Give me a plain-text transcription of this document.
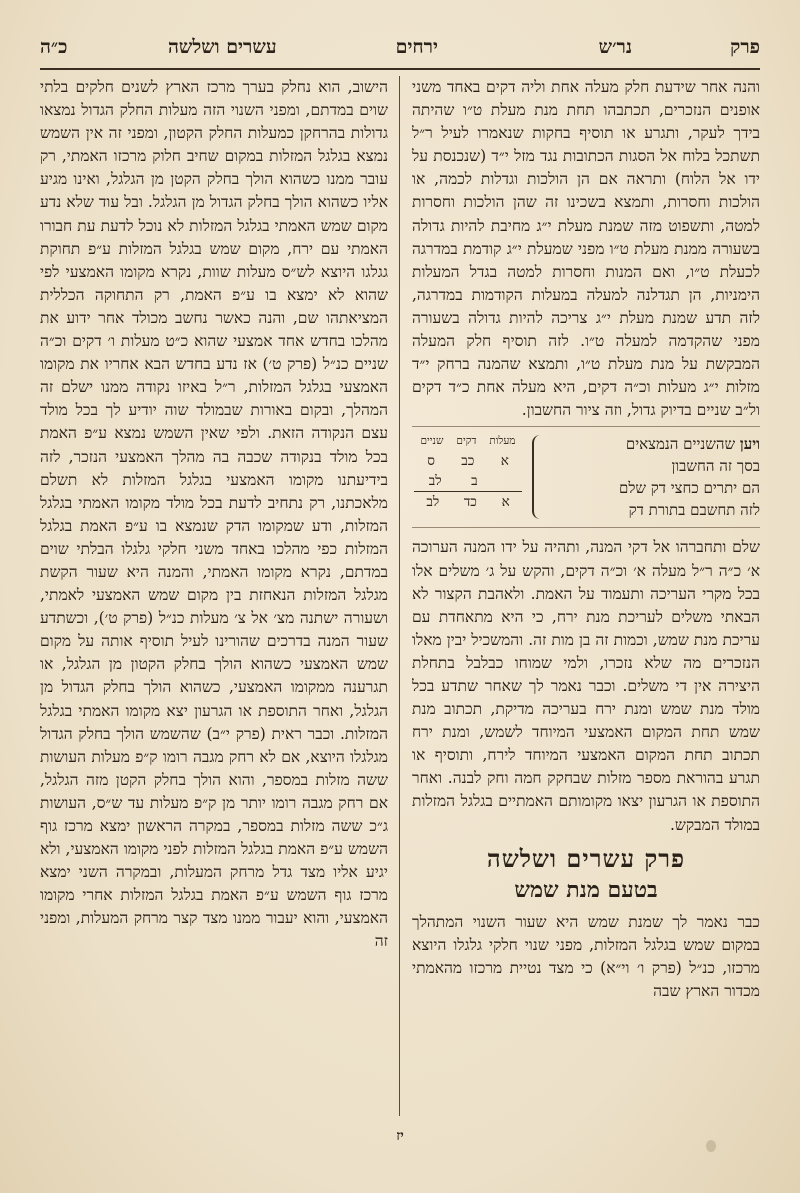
פרק
נר׳ש
ירחים
עשרים ושלשה
כ״ה

והנה אחר שידעת חלק מעלה אחת וליה דקים באחד משני אופנים הנזכרים, תכתבהו תחת מנת מעלת ט״ו שהיתה בידך לעקר, ותגרע או תוסיף בחקות שנאמרו לעיל ר״ל תשתכל בלוח אל הסגות הכתובות נגד מזל י״ד (שנכנסת על ידו אל הלוח) ותראה אם הן הולכות וגדלות לכמה, או הולכות וחסרות, ותמצא בשכינו זה שהן הולכות וחסרות למטה, ותשפוט מזה שמנת מעלת י״ג מחיבת להיות גדולה בשעורה ממנת מעלת ט״ו מפני שמעלת י״ג קודמת במדרגה לכעלת ט״ו, ואם המנות וחסרות למטה בגדל המעלות הימניות, הן תגדלנה למעלה במעלות הקודמות במדרגה, לזה תדע שמנת מעלת י״ג צריכה להיות גדולה בשעורה מפני שהקדמה למעלה ט״ו. לזה תוסיף חלק המעלה המבקשת על מנת מעלת ט״ו, ותמצא שהמנה ברחק י״ד מזלות י״ג מעלות וכ״ה דקים, היא מעלה אחת כ״ד דקים ול״ב שניים בדיוק גדול, וזה ציור החשבון.

ויען שהשניים הנמצאים
בסך זה החשבון
הם יתרים כחצי דק שלם
לזה תחשבם בתורת דק
מעלות
דקים
שניים
א
כב
ס
ב
לב
א
כד
לב

שלם ותחברהו אל דקי המנה, ותהיה על ידו המנה הערוכה א׳ כ״ה ר״ל מעלה א׳ וכ״ה דקים, והקש על ג׳ משלים אלו בכל מקרי העריכה ותעמוד על האמת. ולאהבת הקצור לא הבאתי משלים לעריכת מנת ירח, כי היא מתאחדת עם עריכת מנת שמש, וכמות זה בן מות זה. והמשכיל יבין מאלו הנזכרים מה שלא נזכרו, ולמי שמוחו כבלבל בתחלת היצירה אין די משלים. וכבר נאמר לך שאחר שתדע בכל מולד מנת שמש ומנת ירח בעריכה מדיקת, תכתוב מנת שמש תחת המקום האמצעי המיוחד לשמש, ומנת ירח תכתוב תחת המקום האמצעי המיוחד לירח, ותוסיף או תגרע בהוראת מספר מזלות שבחקק חמה וחק לבנה. ואחר התוספת או הגרעון יצאו מקומותם האמתיים בגלגל המזלות במולד המבקש.

פרק עשרים ושלשה
בטעם מנת שמש

כבר נאמר לך שמנת שמש היא שעור השנוי המתהלך במקום שמש בגלגל המזלות, מפני שנוי חלקי גלגלו היוצא מרכזו, כנ״ל (פרק ו׳ וי״א) כי מצד נטיית מרכזו מהאמתי מכדור הארץ שבה

הישוב, הוא נחלק בערך מרכז הארץ לשנים חלקים בלתי שוים במדתם, ומפני השנוי הזה מעלות החלק הגדול נמצאו גדולות בהרחקן כמעלות החלק הקטון, ומפני זה אין השמש נמצא בגלגל המזלות במקום שחיב חלוק מרכזו האמתי, רק עובר ממנו כשהוא הולך בחלק הקטן מן הגלגל, ואינו מגיע אליו כשהוא הולך בחלק הגדול מן הגלגל. ובל עוד שלא נדע מקום שמש האמתי בגלגל המזלות לא נוכל לדעת עת חבורו האמתי עם ירח, מקום שמש בגלגל המזלות ע״פ תחוקת גגלגו היוצא לש״ס מעלות שוות, נקרא מקומו האמצעי לפי שהוא לא ימצא בו ע״פ האמת, רק התחוקה הכללית המציאתהו שם, והנה כאשר נחשב מכולד אחר ידוע את מהלכו בחדש אחד אמצעי שהוא כ״ט מעלות ו׳ דקים וכ״ה שניים כנ״ל (פרק ט׳) אז נדע בחדש הבא אחריו את מקומו האמצעי בגלגל המזלות, ר״ל באיזו נקודה ממנו ישלם זה המהלך, ובקום באורות שבמולד שוה יודיע לך בכל מולד עצם הנקודה הזאת. ולפי שאין השמש נמצא ע״פ האמת בכל מולד בנקודה שכבה בה מהלך האמצעי הנזכר, לזה בידיעתנו מקומו האמצעי בגלגל המזלות לא תשלם מלאכתנו, רק נתחיב לדעת בכל מולד מקומו האמתי בגלגל המזלות, ודע שמקומו הדק שנמצא בו ע״פ האמת בגלגל המזלות כפי מהלכו באחד משני חלקי גלגלו הבלתי שוים במדתם, נקרא מקומו האמתי, והמנה היא שעור הקשת מגלגל המזלות הנאחזת בין מקום שמש האמצעי לאמתי, ושעורה ישתנה מצ׳ אל צ׳ מעלות כנ״ל (פרק ט׳), וכשתדע שעור המנה בדרכים שהורינו לעיל תוסיף אותה על מקום שמש האמצעי כשהוא הולך בחלק הקטון מן הגלגל, או תגרענה ממקומו האמצעי, כשהוא הולך בחלק הגדול מן הגלגל, ואחר התוספת או הגרעון יצא מקומו האמתי בגלגל המזלות. וכבר ראית (פרק י״ב) שהשמש הולך בחלק הגדול מגלגלו היוצא, אם לא רחק מגבה רומו ק״פ מעלות העושות ששה מזלות במספר, והוא הולך בחלק הקטן מזה הגלגל, אם רחק מגבה רומו יותר מן ק״פ מעלות עד ש״ס, העושות ג״כ ששה מזלות במספר, במקרה הראשון ימצא מרכז גוף השמש ע״פ האמת בגלגל המזלות לפני מקומו האמצעי, ולא יגיע אליו מצד גדל מרחק המעלות, ובמקרה השני ימצא מרכז גוף השמש ע״פ האמת בגלגל המזלות אחרי מקומו האמצעי, והוא יעבור ממנו מצד קצר מרחק המעלות, ומפני זה

יז
